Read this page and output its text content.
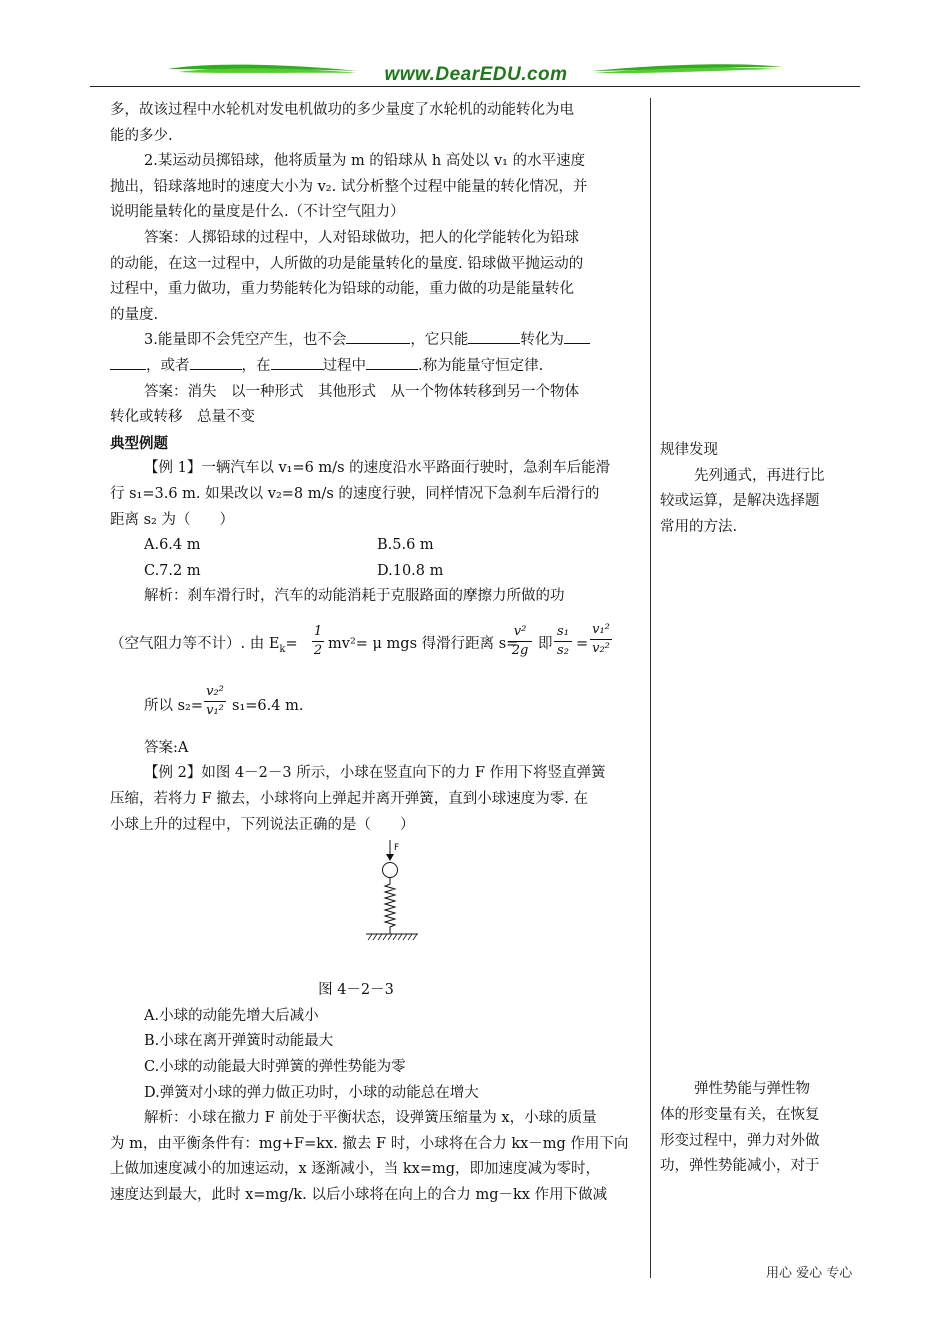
www.DearEDU.com

多，故该过程中水轮机对发电机做功的多少量度了水轮机的动能转化为电

能的多少.

2.某运动员掷铅球，他将质量为 m 的铅球从 h 高处以 v₁ 的水平速度

抛出，铅球落地时的速度大小为 v₂. 试分析整个过程中能量的转化情况，并

说明能量转化的量度是什么.（不计空气阻力）

答案：人掷铅球的过程中，人对铅球做功，把人的化学能转化为铅球

的动能，在这一过程中，人所做的功是能量转化的量度. 铅球做平抛运动的

过程中，重力做功，重力势能转化为铅球的动能，重力做的功是能量转化

的量度.

3.能量即不会凭空产生，也不会	，它只能	转化为

，或者	，在	过程中	.称为能量守恒定律.

答案：消失　以一种形式　其他形式　从一个物体转移到另一个物体

转化或转移　总量不变

典型例题

【例 1】一辆汽车以 v₁=6 m/s 的速度沿水平路面行驶时，急刹车后能滑

行 s₁=3.6 m. 如果改以 v₂=8 m/s 的速度行驶，同样情况下急刹车后滑行的

距离 s₂ 为（　　）

A.6.4 m	B.5.6 m
C.7.2 m	D.10.8 m

解析：刹车滑行时，汽车的动能消耗于克服路面的摩擦力所做的功

（空气阻力等不计）. 由 $E_k=$
1
2 mv²= μ mgs 得滑行距离 s=
v²
2g 即
s₁
s₂ =
v₁²
v₂²
所以 s₂=
v₂²
v₁² s₁=6.4 m.

答案:A

【例 2】如图 4－2－3 所示，小球在竖直向下的力 F 作用下将竖直弹簧

压缩，若将力 F 撤去，小球将向上弹起并离开弹簧，直到小球速度为零. 在

小球上升的过程中，下列说法正确的是（　　）

F

图 4－2－3

A.小球的动能先增大后减小

B.小球在离开弹簧时动能最大

C.小球的动能最大时弹簧的弹性势能为零

D.弹簧对小球的弹力做正功时，小球的动能总在增大

解析：小球在撤力 F 前处于平衡状态，设弹簧压缩量为 x，小球的质量

为 m，由平衡条件有：mg+F=kx. 撤去 F 时，小球将在合力 kx－mg 作用下向

上做加速度减小的加速运动，x 逐渐减小，当 kx=mg，即加速度减为零时，

速度达到最大，此时 x=mg/k. 以后小球将在向上的合力 mg－kx 作用下做减

规律发现

先列通式，再进行比

较或运算，是解决选择题

常用的方法.

弹性势能与弹性物

体的形变量有关，在恢复

形变过程中，弹力对外做

功，弹性势能减小，对于

用心 爱心 专心
